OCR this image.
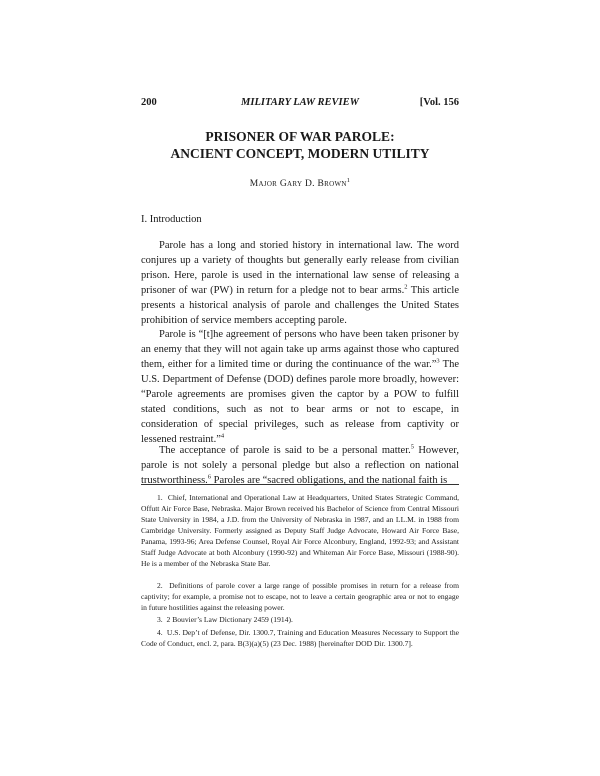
200	MILITARY LAW REVIEW	[Vol. 156
PRISONER OF WAR PAROLE:
ANCIENT CONCEPT, MODERN UTILITY
Major Gary D. Brown$^1$
I. Introduction

Parole has a long and storied history in international law. The word conjures up a variety of thoughts but generally early release from civilian prison. Here, parole is used in the international law sense of releasing a prisoner of war (PW) in return for a pledge not to bear arms.$^2$ This article presents a historical analysis of parole and challenges the United States prohibition of service members accepting parole.

Parole is “[t]he agreement of persons who have been taken prisoner by an enemy that they will not again take up arms against those who captured them, either for a limited time or during the continuance of the war.”$^3$ The U.S. Department of Defense (DOD) defines parole more broadly, however: “Parole agreements are promises given the captor by a POW to fulfill stated conditions, such as not to bear arms or not to escape, in consideration of special privileges, such as release from captivity or lessened restraint.”$^4$

The acceptance of parole is said to be a personal matter.$^5$ However, parole is not solely a personal pledge but also a reflection on national trustworthiness.$^6$ Paroles are “sacred obligations, and the national faith is

1. Chief, International and Operational Law at Headquarters, United States Strategic Command, Offutt Air Force Base, Nebraska. Major Brown received his Bachelor of Science from Central Missouri State University in 1984, a J.D. from the University of Nebraska in 1987, and an LL.M. in 1988 from Cambridge University. Formerly assigned as Deputy Staff Judge Advocate, Howard Air Force Base, Panama, 1993-96; Area Defense Counsel, Royal Air Force Alconbury, England, 1992-93; and Assistant Staff Judge Advocate at both Alconbury (1990-92) and Whiteman Air Force Base, Missouri (1988-90). He is a member of the Nebraska State Bar.

2. Definitions of parole cover a large range of possible promises in return for a release from captivity; for example, a promise not to escape, not to leave a certain geographic area or not to engage in future hostilities against the releasing power.

3. 2 Bouvier’s Law Dictionary 2459 (1914).

4. U.S. Dep’t of Defense, Dir. 1300.7, Training and Education Measures Necessary to Support the Code of Conduct, encl. 2, para. B(3)(a)(5) (23 Dec. 1988) [hereinafter DOD Dir. 1300.7].
